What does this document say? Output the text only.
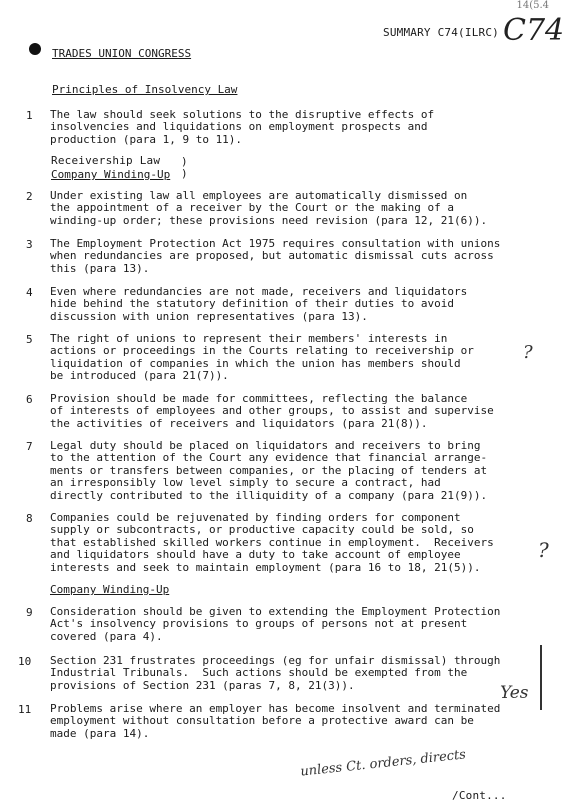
14(5.4
SUMMARY C74(ILRC) C74
TRADES UNION CONGRESS
Principles of Insolvency Law
1 The law should seek solutions to the disruptive effects of
insolvencies and liquidations on employment prospects and
production (para 1, 9 to 11).
Receivership Law )
Company Winding-Up )
2 Under existing law all employees are automatically dismissed on
the appointment of a receiver by the Court or the making of a
winding-up order; these provisions need revision (para 12, 21(6)).
3 The Employment Protection Act 1975 requires consultation with unions
when redundancies are proposed, but automatic dismissal cuts across
this (para 13).
4 Even where redundancies are not made, receivers and liquidators
hide behind the statutory definition of their duties to avoid
discussion with union representatives (para 13).
5 The right of unions to represent their members' interests in
actions or proceedings in the Courts relating to receivership or
liquidation of companies in which the union has members should
be introduced (para 21(7)).
6 Provision should be made for committees, reflecting the balance
of interests of employees and other groups, to assist and supervise
the activities of receivers and liquidators (para 21(8)).
7 Legal duty should be placed on liquidators and receivers to bring
to the attention of the Court any evidence that financial arrange-
ments or transfers between companies, or the placing of tenders at
an irresponsibly low level simply to secure a contract, had
directly contributed to the illiquidity of a company (para 21(9)).
8 Companies could be rejuvenated by finding orders for component
supply or subcontracts, or productive capacity could be sold, so
that established skilled workers continue in employment.  Receivers
and liquidators should have a duty to take account of employee
interests and seek to maintain employment (para 16 to 18, 21(5)).
Company Winding-Up
9 Consideration should be given to extending the Employment Protection
Act's insolvency provisions to groups of persons not at present
covered (para 4).
10 Section 231 frustrates proceedings (eg for unfair dismissal) through
Industrial Tribunals.  Such actions should be exempted from the
provisions of Section 231 (paras 7, 8, 21(3)).
11 Problems arise where an employer has become insolvent and terminated
employment without consultation before a protective award can be
made (para 14).
?
?
Yes
unless Ct. orders, directs
/Cont...
